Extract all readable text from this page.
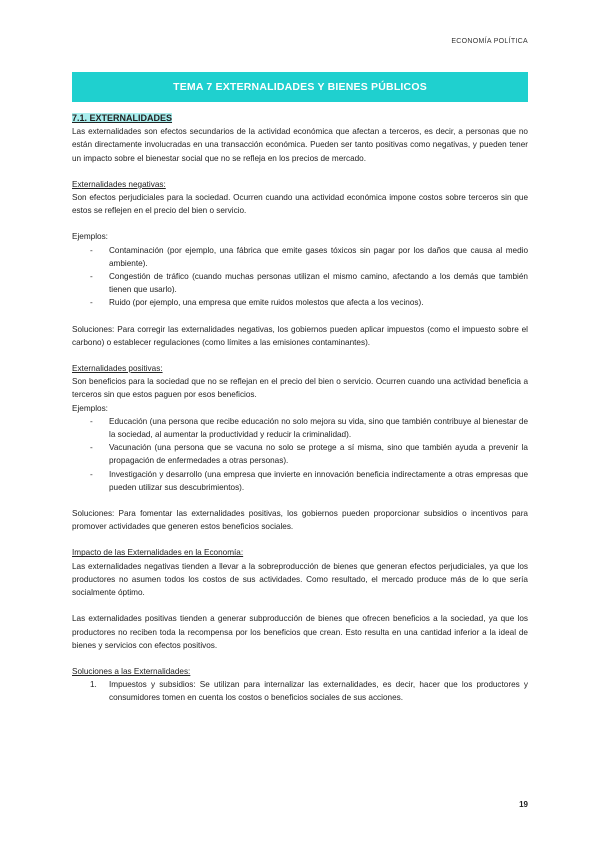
ECONOMÍA POLÍTICA
TEMA 7 EXTERNALIDADES Y BIENES PÚBLICOS
7.1. EXTERNALIDADES

Las externalidades son efectos secundarios de la actividad económica que afectan a terceros, es decir, a personas que no están directamente involucradas en una transacción económica. Pueden ser tanto positivas como negativas, y pueden tener un impacto sobre el bienestar social que no se refleja en los precios de mercado.

Externalidades negativas:

Son efectos perjudiciales para la sociedad. Ocurren cuando una actividad económica impone costos sobre terceros sin que estos se reflejen en el precio del bien o servicio.

Ejemplos:
- Contaminación (por ejemplo, una fábrica que emite gases tóxicos sin pagar por los daños que causa al medio ambiente).
- Congestión de tráfico (cuando muchas personas utilizan el mismo camino, afectando a los demás que también tienen que usarlo).
- Ruido (por ejemplo, una empresa que emite ruidos molestos que afecta a los vecinos).

Soluciones: Para corregir las externalidades negativas, los gobiernos pueden aplicar impuestos (como el impuesto sobre el carbono) o establecer regulaciones (como límites a las emisiones contaminantes).

Externalidades positivas:

Son beneficios para la sociedad que no se reflejan en el precio del bien o servicio. Ocurren cuando una actividad beneficia a terceros sin que estos paguen por esos beneficios.

Ejemplos:
- Educación (una persona que recibe educación no solo mejora su vida, sino que también contribuye al bienestar de la sociedad, al aumentar la productividad y reducir la criminalidad).
- Vacunación (una persona que se vacuna no solo se protege a sí misma, sino que también ayuda a prevenir la propagación de enfermedades a otras personas).
- Investigación y desarrollo (una empresa que invierte en innovación beneficia indirectamente a otras empresas que pueden utilizar sus descubrimientos).

Soluciones: Para fomentar las externalidades positivas, los gobiernos pueden proporcionar subsidios o incentivos para promover actividades que generen estos beneficios sociales.

Impacto de las Externalidades en la Economía:

Las externalidades negativas tienden a llevar a la sobreproducción de bienes que generan efectos perjudiciales, ya que los productores no asumen todos los costos de sus actividades. Como resultado, el mercado produce más de lo que sería socialmente óptimo.

Las externalidades positivas tienden a generar subproducción de bienes que ofrecen beneficios a la sociedad, ya que los productores no reciben toda la recompensa por los beneficios que crean. Esto resulta en una cantidad inferior a la ideal de bienes y servicios con efectos positivos.

Soluciones a las Externalidades:
1. Impuestos y subsidios: Se utilizan para internalizar las externalidades, es decir, hacer que los productores y consumidores tomen en cuenta los costos o beneficios sociales de sus acciones.
19
